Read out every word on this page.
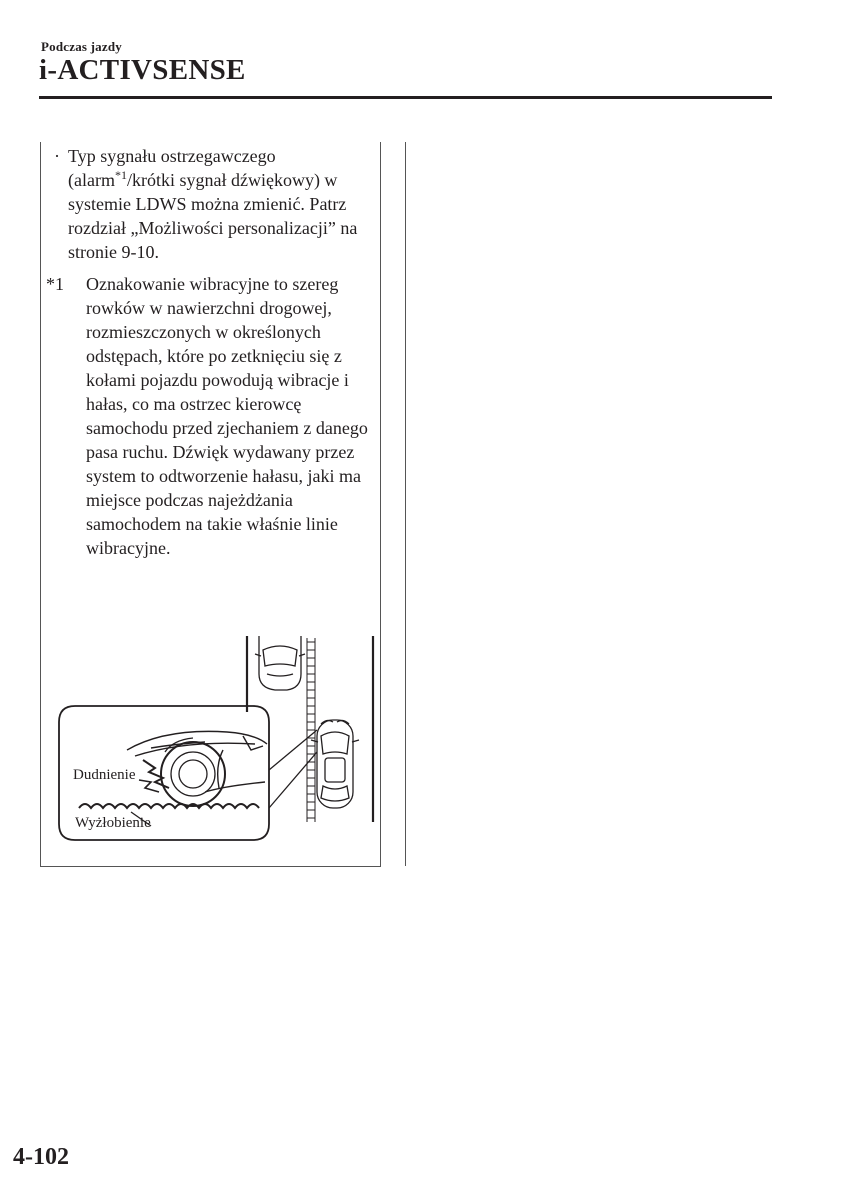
Podczas jazdy
i-ACTIVSENSE
· Typ sygnału ostrzegawczego (alarm$^{*1}$/krótki sygnał dźwiękowy) w systemie LDWS można zmienić. Patrz rozdział „Możliwości personalizacji” na stronie 9-10.
*1	Oznakowanie wibracyjne to szereg rowków w nawierzchni drogowej, rozmieszczonych w określonych odstępach, które po zetknięciu się z kołami pojazdu powodują wibracje i hałas, co ma ostrzec kierowcę samochodu przed zjechaniem z danego pasa ruchu. Dźwięk wydawany przez system to odtworzenie hałasu, jaki ma miejsce podczas najeżdżania samochodem na takie właśnie linie wibracyjne.
Dudnienie
Wyżłobienie
4-102
